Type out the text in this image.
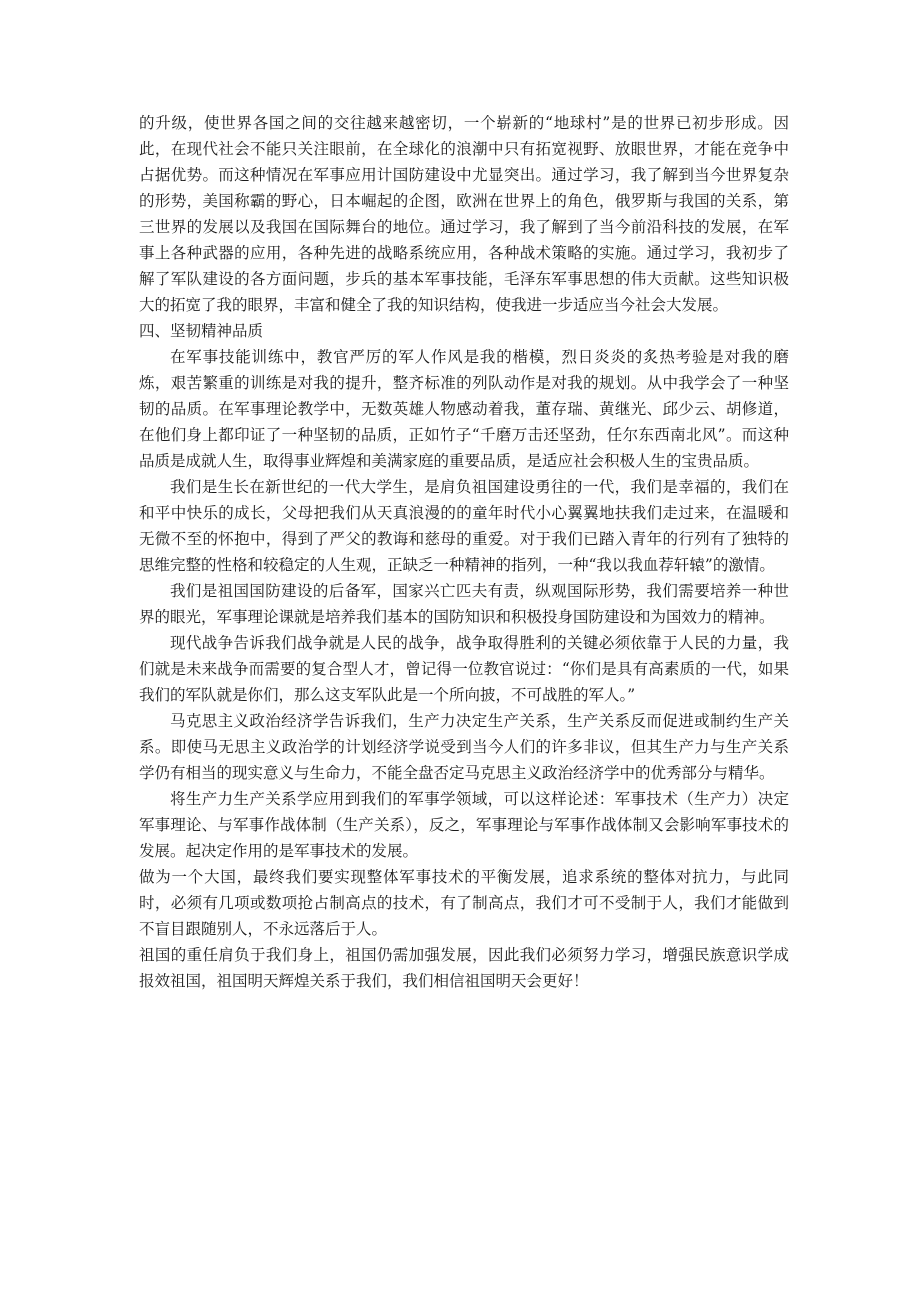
的升级，使世界各国之间的交往越来越密切，一个崭新的“地球村”是的世界已初步形成。因此，在现代社会不能只关注眼前，在全球化的浪潮中只有拓宽视野、放眼世界，才能在竞争中占据优势。而这种情况在军事应用计国防建设中尤显突出。通过学习，我了解到当今世界复杂的形势，美国称霸的野心，日本崛起的企图，欧洲在世界上的角色，俄罗斯与我国的关系，第三世界的发展以及我国在国际舞台的地位。通过学习，我了解到了当今前沿科技的发展，在军事上各种武器的应用，各种先进的战略系统应用，各种战术策略的实施。通过学习，我初步了解了军队建设的各方面问题，步兵的基本军事技能，毛泽东军事思想的伟大贡献。这些知识极大的拓宽了我的眼界，丰富和健全了我的知识结构，使我进一步适应当今社会大发展。

四、坚韧精神品质

在军事技能训练中，教官严厉的军人作风是我的楷模，烈日炎炎的炙热考验是对我的磨炼，艰苦繁重的训练是对我的提升，整齐标准的列队动作是对我的规划。从中我学会了一种坚韧的品质。在军事理论教学中，无数英雄人物感动着我，董存瑞、黄继光、邱少云、胡修道，在他们身上都印证了一种坚韧的品质，正如竹子“千磨万击还坚劲，任尔东西南北风”。而这种品质是成就人生，取得事业辉煌和美满家庭的重要品质，是适应社会积极人生的宝贵品质。

我们是生长在新世纪的一代大学生，是肩负祖国建设勇往的一代，我们是幸福的，我们在和平中快乐的成长，父母把我们从天真浪漫的的童年时代小心翼翼地扶我们走过来，在温暖和无微不至的怀抱中，得到了严父的教诲和慈母的重爱。对于我们已踏入青年的行列有了独特的思维完整的性格和较稳定的人生观，正缺乏一种精神的指列，一种“我以我血荐轩辕”的激情。

我们是祖国国防建设的后备军，国家兴亡匹夫有责，纵观国际形势，我们需要培养一种世界的眼光，军事理论课就是培养我们基本的国防知识和积极投身国防建设和为国效力的精神。

现代战争告诉我们战争就是人民的战争，战争取得胜利的关键必须依靠于人民的力量，我们就是未来战争而需要的复合型人才，曾记得一位教官说过：“你们是具有高素质的一代，如果我们的军队就是你们，那么这支军队此是一个所向披，不可战胜的军人。”

马克思主义政治经济学告诉我们，生产力决定生产关系，生产关系反而促进或制约生产关系。即使马无思主义政治学的计划经济学说受到当今人们的许多非议，但其生产力与生产关系学仍有相当的现实意义与生命力，不能全盘否定马克思主义政治经济学中的优秀部分与精华。

将生产力生产关系学应用到我们的军事学领域，可以这样论述：军事技术（生产力）决定军事理论、与军事作战体制（生产关系），反之，军事理论与军事作战体制又会影响军事技术的发展。起决定作用的是军事技术的发展。

做为一个大国，最终我们要实现整体军事技术的平衡发展，追求系统的整体对抗力，与此同时，必须有几项或数项抢占制高点的技术，有了制高点，我们才可不受制于人，我们才能做到不盲目跟随别人，不永远落后于人。

祖国的重任肩负于我们身上，祖国仍需加强发展，因此我们必须努力学习，增强民族意识学成报效祖国，祖国明天辉煌关系于我们，我们相信祖国明天会更好！
